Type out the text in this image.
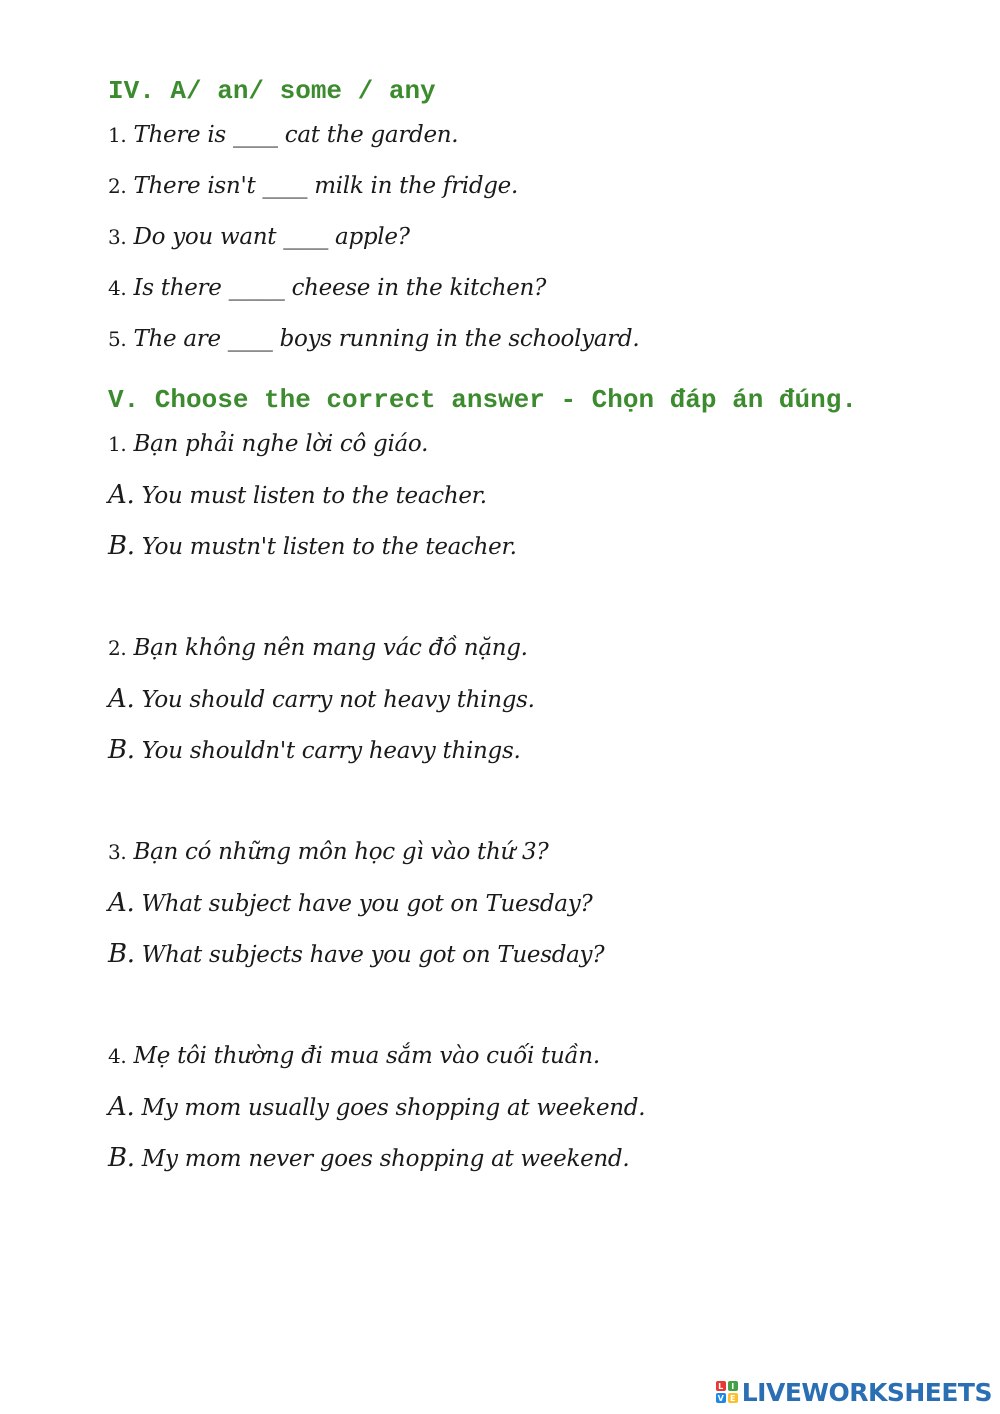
IV. A/ an/ some / any
1. There is ____ cat the garden.
2. There isn't ____ milk in the fridge.
3. Do you want ____ apple?
4. Is there _____ cheese in the kitchen?
5. The are ____ boys running in the schoolyard.
V. Choose the correct answer - Chọn đáp án đúng.
1. Bạn phải nghe lời cô giáo.
A. You must listen to the teacher.
B. You mustn't listen to the teacher.
2. Bạn không nên mang vác đồ nặng.
A. You should carry not heavy things.
B. You shouldn't carry heavy things.
3. Bạn có những môn học gì vào thứ 3?
A. What subject have you got on Tuesday?
B. What subjects have you got on Tuesday?
4. Mẹ tôi thường đi mua sắm vào cuối tuần.
A. My mom usually goes shopping at weekend.
B. My mom never goes shopping at weekend.
L I
V E LIVEWORKSHEETS
